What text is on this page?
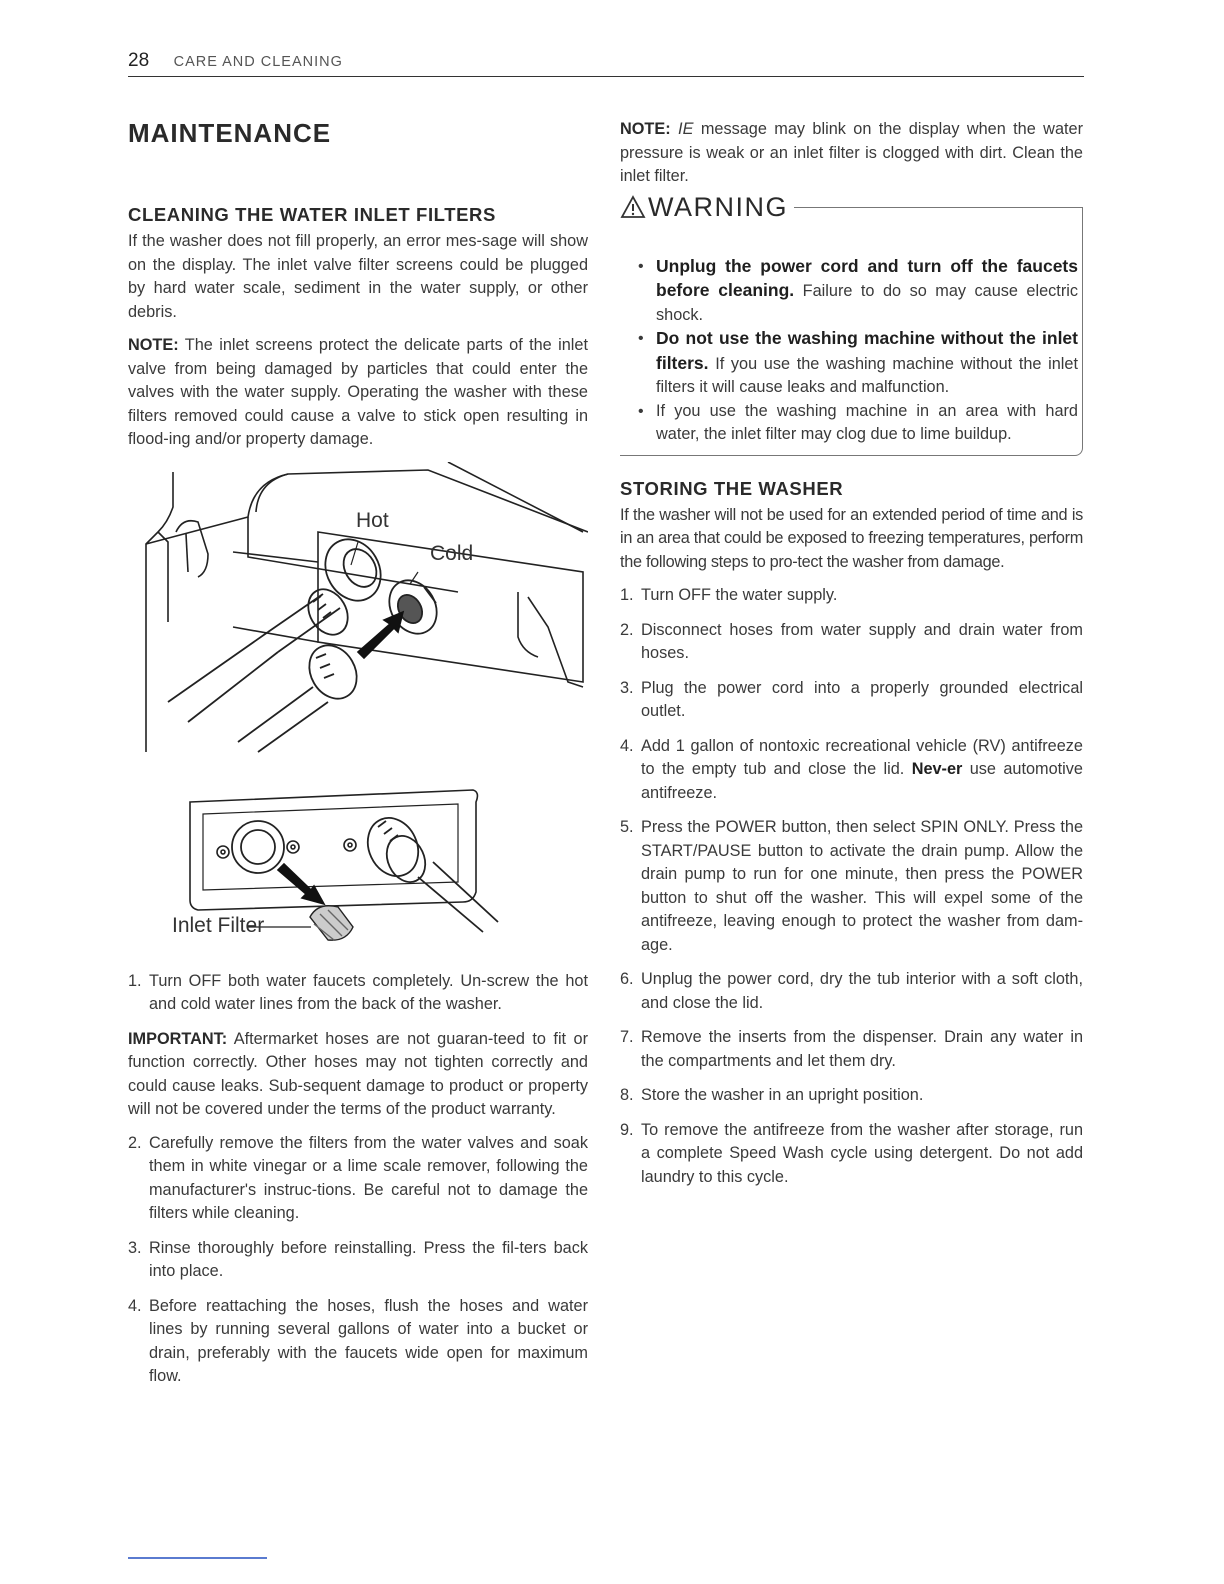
28 CARE AND CLEANING
MAINTENANCE
CLEANING THE WATER INLET FILTERS

If the washer does not fill properly, an error mes-sage will show on the display. The inlet valve filter screens could be plugged by hard water scale, sediment in the water supply, or other debris.

NOTE: The inlet screens protect the delicate parts of the inlet valve from being damaged by particles that could enter the valves with the water supply. Operating the washer with these filters removed could cause a valve to stick open resulting in flood-ing and/or property damage.

Hot
Cold
Inlet Filter
1. Turn OFF both water faucets completely. Un-screw the hot and cold water lines from the back of the washer.

IMPORTANT: Aftermarket hoses are not guaran-teed to fit or function correctly. Other hoses may not tighten correctly and could cause leaks. Sub-sequent damage to product or property will not be covered under the terms of the product warranty.

2. Carefully remove the filters from the water valves and soak them in white vinegar or a lime scale remover, following the manufacturer's instruc-tions. Be careful not to damage the filters while cleaning.
3. Rinse thoroughly before reinstalling. Press the fil-ters back into place.
4. Before reattaching the hoses, flush the hoses and water lines by running several gallons of water into a bucket or drain, preferably with the faucets wide open for maximum flow.

NOTE: IE message may blink on the display when the water pressure is weak or an inlet filter is clogged with dirt. Clean the inlet filter.

WARNING
• Unplug the power cord and turn off the faucets before cleaning. Failure to do so may cause electric shock.
• Do not use the washing machine without the inlet filters. If you use the washing machine without the inlet filters it will cause leaks and malfunction.
• If you use the washing machine in an area with hard water, the inlet filter may clog due to lime buildup.
STORING THE WASHER

If the washer will not be used for an extended period of time and is in an area that could be exposed to freezing temperatures, perform the following steps to pro-tect the washer from damage.

1. Turn OFF the water supply.
2. Disconnect hoses from water supply and drain water from hoses.
3. Plug the power cord into a properly grounded electrical outlet.
4. Add 1 gallon of nontoxic recreational vehicle (RV) antifreeze to the empty tub and close the lid. Nev-er use automotive antifreeze.
5. Press the POWER button, then select SPIN ONLY. Press the START/PAUSE button to activate the drain pump. Allow the drain pump to run for one minute, then press the POWER button to shut off the washer. This will expel some of the antifreeze, leaving enough to protect the washer from dam-age.
6. Unplug the power cord, dry the tub interior with a soft cloth, and close the lid.
7. Remove the inserts from the dispenser. Drain any water in the compartments and let them dry.
8. Store the washer in an upright position.
9. To remove the antifreeze from the washer after storage, run a complete Speed Wash cycle using detergent. Do not add laundry to this cycle.
